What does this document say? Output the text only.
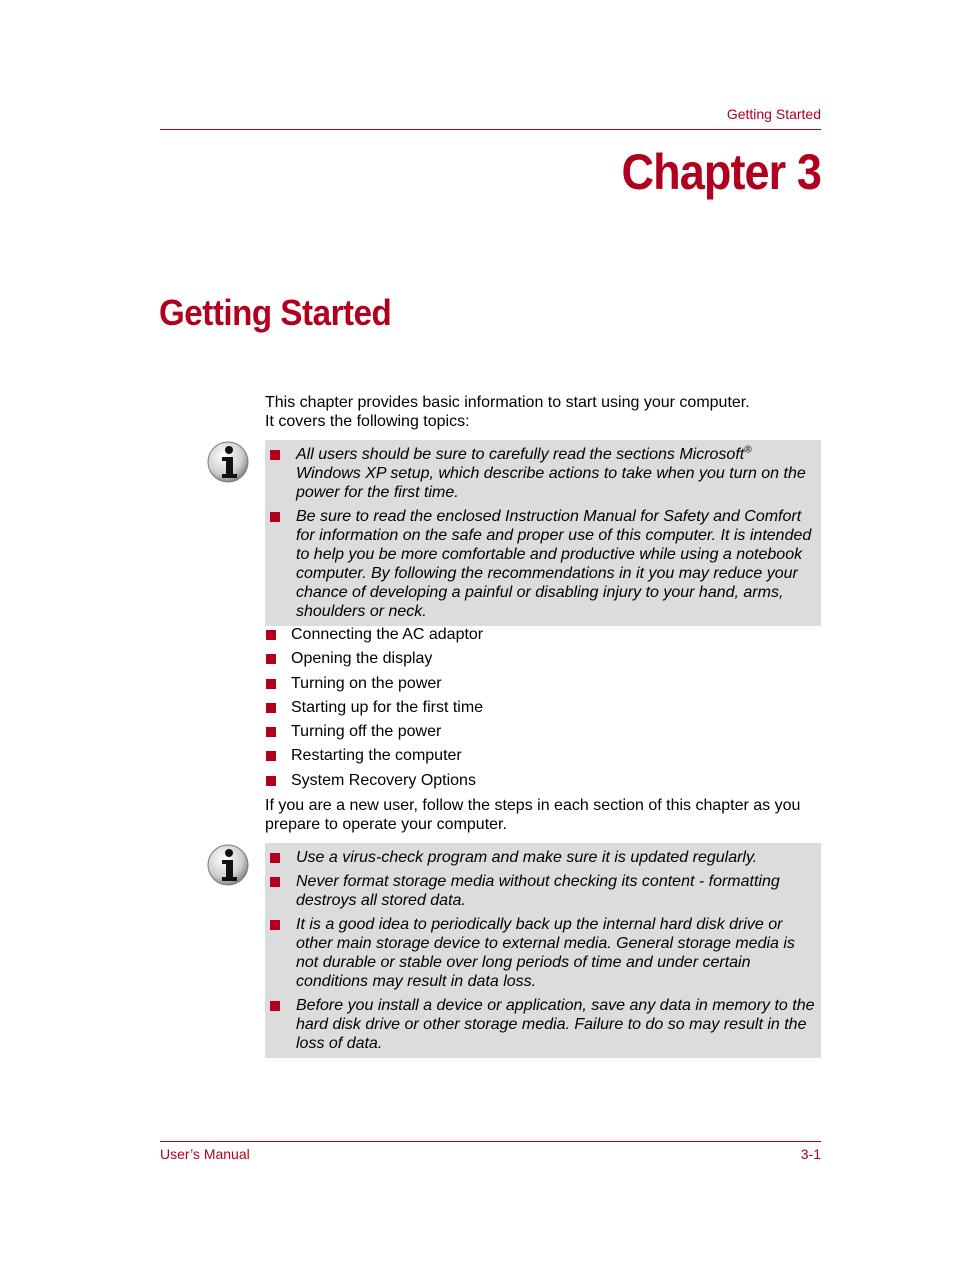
Getting Started
Chapter 3
Getting Started
This chapter provides basic information to start using your computer.
It covers the following topics:
All users should be sure to carefully read the sections Microsoft® Windows XP setup, which describe actions to take when you turn on the power for the first time.
Be sure to read the enclosed Instruction Manual for Safety and Comfort for information on the safe and proper use of this computer. It is intended to help you be more comfortable and productive while using a notebook computer. By following the recommendations in it you may reduce your chance of developing a painful or disabling injury to your hand, arms, shoulders or neck.
Connecting the AC adaptor
Opening the display
Turning on the power
Starting up for the first time
Turning off the power
Restarting the computer
System Recovery Options
If you are a new user, follow the steps in each section of this chapter as you prepare to operate your computer.
Use a virus-check program and make sure it is updated regularly.
Never format storage media without checking its content - formatting destroys all stored data.
It is a good idea to periodically back up the internal hard disk drive or other main storage device to external media. General storage media is not durable or stable over long periods of time and under certain conditions may result in data loss.
Before you install a device or application, save any data in memory to the hard disk drive or other storage media. Failure to do so may result in the loss of data.
User’s Manual	3-1
